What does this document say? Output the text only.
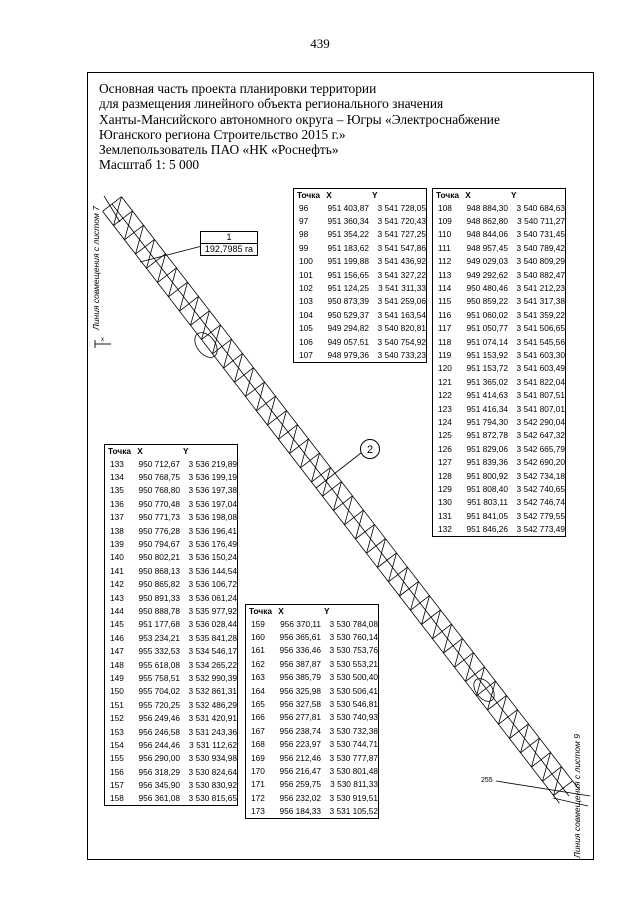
439
Основная часть проекта планировки территории
для размещения линейного объекта регионального значения
Ханты-Мансийского автономного округа – Югры «Электроснабжение
Юганского региона Строительство 2015 г.»
Землепользователь ПАО «НК «Роснефть»
Масштаб 1: 5 000
2
255
х
1
192,7985 га
Линия совмещения с листом 7
Линия совмещения с листом 9
Точка	X	Y
96	951 403,87	3 541 728,05
97	951 360,34	3 541 720,43
98	951 354,22	3 541 727,25
99	951 183,62	3 541 547,86
100	951 199,88	3 541 436,92
101	951 156,65	3 541 327,22
102	951 124,25	3 541 311,33
103	950 873,39	3 541 259,06
104	950 529,37	3 541 163,54
105	949 294,82	3 540 820,81
106	949 057,51	3 540 754,92
107	948 979,36	3 540 733,23
Точка	X	Y
108	948 884,30	3 540 684,63
109	948 862,80	3 540 711,27
110	948 844,06	3 540 731,45
111	948 957,45	3 540 789,42
112	949 029,03	3 540 809,29
113	949 292,62	3 540 882,47
114	950 480,46	3 541 212,23
115	950 859,22	3 541 317,38
116	951 060,02	3 541 359,22
117	951 050,77	3 541 506,65
118	951 074,14	3 541 545,56
119	951 153,92	3 541 603,30
120	951 153,72	3 541 603,49
121	951 365,02	3 541 822,04
122	951 414,63	3 541 807,51
123	951 416,34	3 541 807,01
124	951 794,30	3 542 290,04
125	951 872,78	3 542 647,32
126	951 829,06	3 542 665,79
127	951 839,36	3 542 690,20
128	951 800,92	3 542 734,18
129	951 808,40	3 542 740,65
130	951 803,11	3 542 746,74
131	951 841,05	3 542 779,55
132	951 846,26	3 542 773,49
Точка	X	Y
133	950 712,67	3 536 219,89
134	950 768,75	3 536 199,19
135	950 768,80	3 536 197,38
136	950 770,48	3 536 197,04
137	950 771,73	3 536 198,08
138	950 776,28	3 536 196,41
139	950 794,67	3 536 176,49
140	950 802,21	3 536 150,24
141	950 868,13	3 536 144,54
142	950 865,82	3 536 106,72
143	950 891,33	3 536 061,24
144	950 888,78	3 535 977,92
145	951 177,68	3 536 028,44
146	953 234,21	3 535 841,28
147	955 332,53	3 534 546,17
148	955 618,08	3 534 265,22
149	955 758,51	3 532 990,39
150	955 704,02	3 532 861,31
151	955 720,25	3 532 486,29
152	956 249,46	3 531 420,91
153	956 246,58	3 531 243,36
154	956 244,46	3 531 112,62
155	956 290,00	3 530 934,98
156	956 318,29	3 530 824,64
157	956 345,90	3 530 830,92
158	956 361,08	3 530 815,65
Точка	X	Y
159	956 370,11	3 530 784,08
160	956 365,61	3 530 760,14
161	956 336,46	3 530 753,76
162	956 387,87	3 530 553,21
163	956 385,79	3 530 500,40
164	956 325,98	3 530 506,41
165	956 327,58	3 530 546,81
166	956 277,81	3 530 740,93
167	956 238,74	3 530 732,38
168	956 223,97	3 530 744,71
169	956 212,46	3 530 777,87
170	956 216,47	3 530 801,48
171	956 259,75	3 530 811,33
172	956 232,02	3 530 919,51
173	956 184,33	3 531 105,52
